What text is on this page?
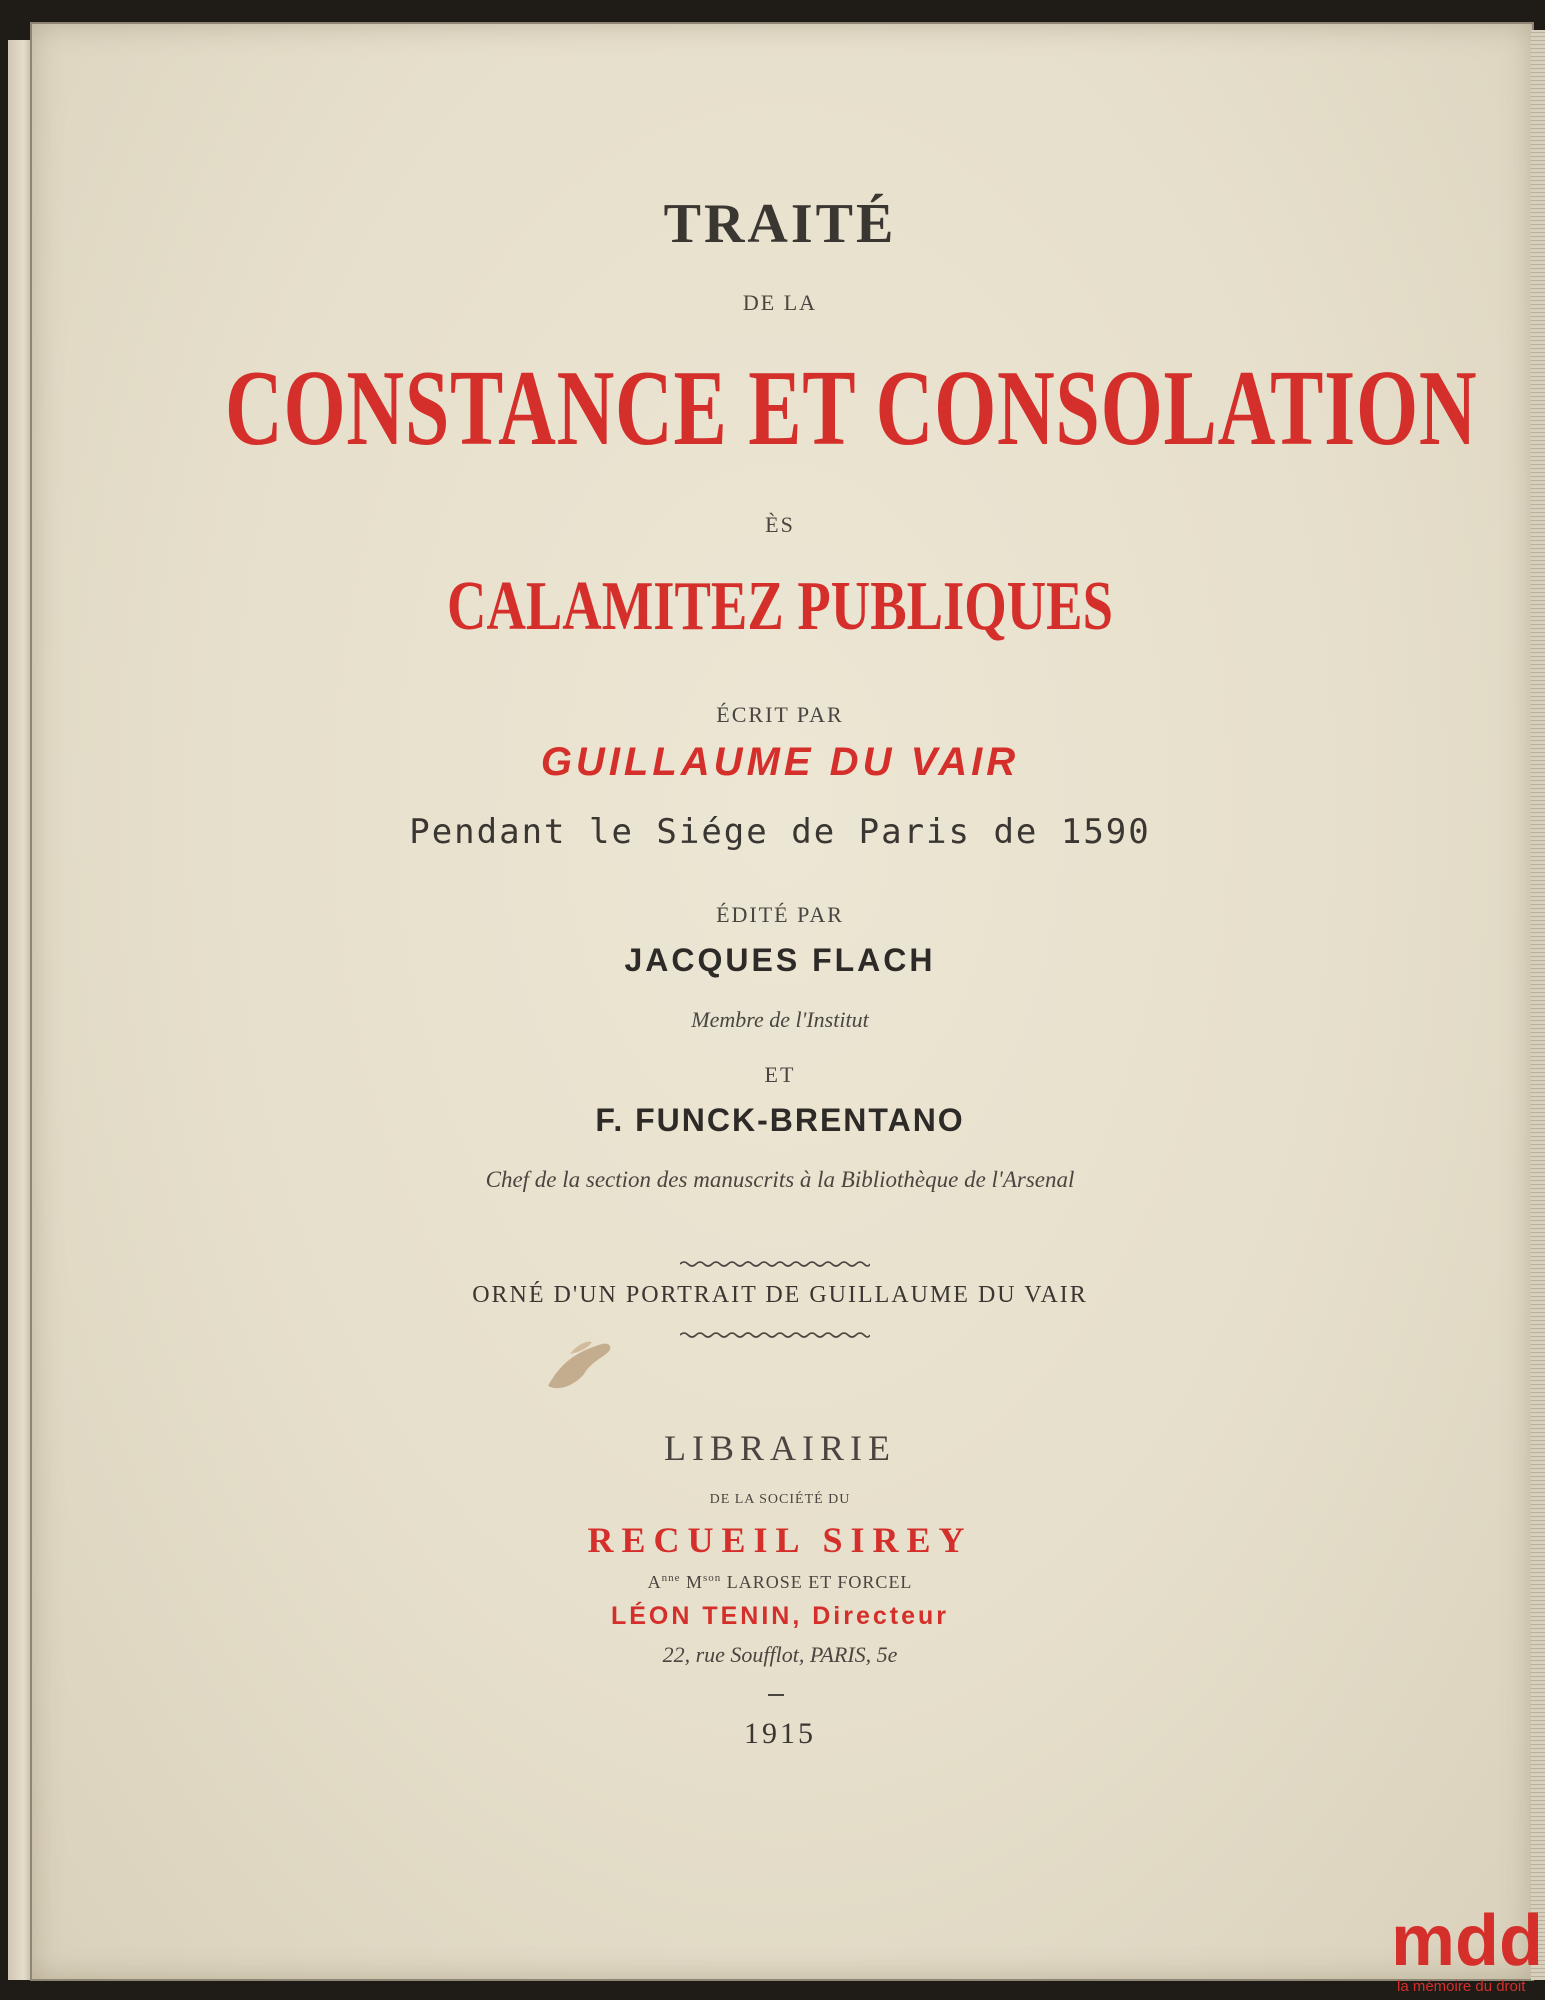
TRAITÉ
DE LA
CONSTANCE ET CONSOLATION
ÈS
CALAMITEZ PUBLIQUES
ÉCRIT PAR
GUILLAUME DU VAIR
Pendant le Siége de Paris de 1590
ÉDITÉ PAR
JACQUES FLACH
Membre de l'Institut
ET
F. FUNCK-BRENTANO
Chef de la section des manuscrits à la Bibliothèque de l'Arsenal
ORNÉ D'UN PORTRAIT DE GUILLAUME DU VAIR
LIBRAIRIE
DE LA SOCIÉTÉ DU
RECUEIL SIREY
$A^{nne}$ $M^{son}$ LAROSE ET FORCEL
LÉON TENIN, Directeur
22, rue Soufflot, PARIS, 5e
1915
mdd
la mémoire du droit
